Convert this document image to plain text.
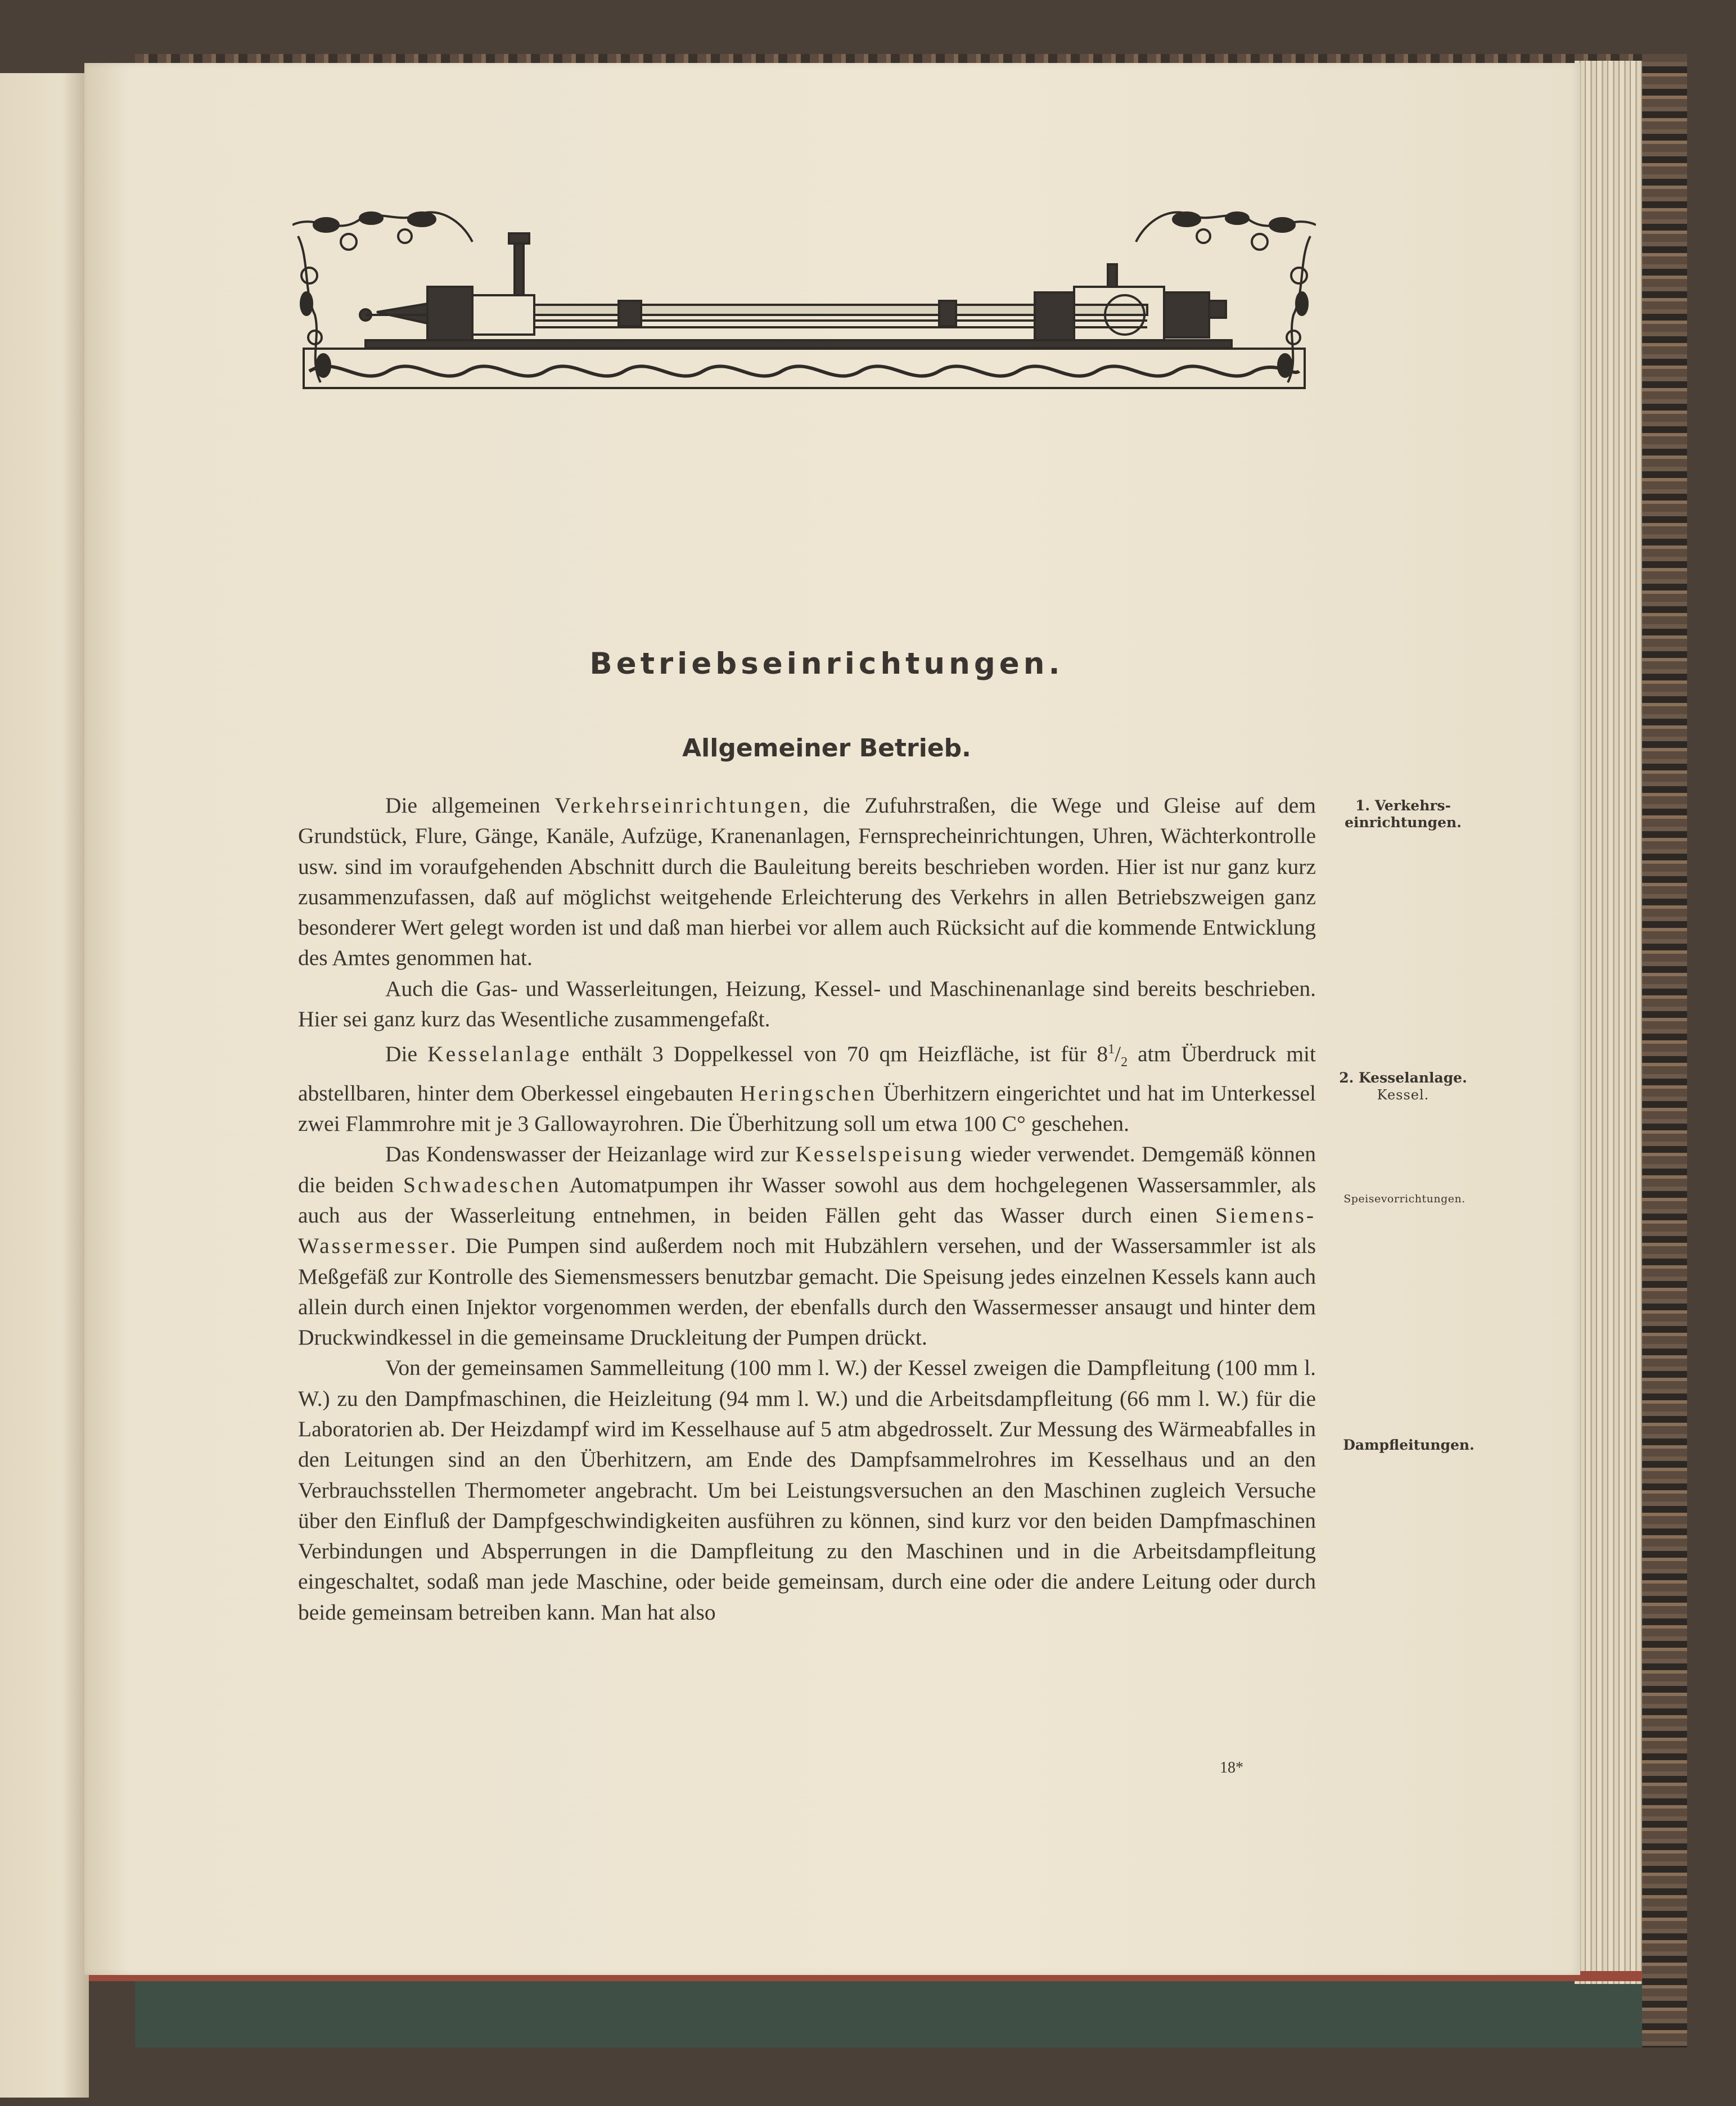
Betriebseinrichtungen.
Allgemeiner Betrieb.

Die allgemeinen Verkehrseinrichtungen, die Zufuhrstraßen, die Wege und Gleise auf dem Grundstück, Flure, Gänge, Kanäle, Aufzüge, Kranenanlagen, Fernsprecheinrichtungen, Uhren, Wächterkontrolle usw. sind im voraufgehenden Abschnitt durch die Bauleitung bereits beschrieben worden. Hier ist nur ganz kurz zusammenzufassen, daß auf möglichst weitgehende Erleichterung des Verkehrs in allen Betriebszweigen ganz besonderer Wert gelegt worden ist und daß man hierbei vor allem auch Rücksicht auf die kommende Entwicklung des Amtes genommen hat.

Auch die Gas- und Wasserleitungen, Heizung, Kessel- und Maschinenanlage sind bereits beschrieben. Hier sei ganz kurz das Wesentliche zusammengefaßt.

Die Kesselanlage enthält 3 Doppelkessel von 70 qm Heizfläche, ist für $8^1/_2$ atm Überdruck mit abstellbaren, hinter dem Oberkessel eingebauten Heringschen Überhitzern eingerichtet und hat im Unterkessel zwei Flammrohre mit je 3 Gallowayrohren. Die Überhitzung soll um etwa 100 C° geschehen.

Das Kondenswasser der Heizanlage wird zur Kesselspeisung wieder verwendet. Demgemäß können die beiden Schwadeschen Automatpumpen ihr Wasser sowohl aus dem hochgelegenen Wassersammler, als auch aus der Wasserleitung entnehmen, in beiden Fällen geht das Wasser durch einen Siemens-Wassermesser. Die Pumpen sind außerdem noch mit Hubzählern versehen, und der Wassersammler ist als Meßgefäß zur Kontrolle des Siemensmessers benutzbar gemacht. Die Speisung jedes einzelnen Kessels kann auch allein durch einen Injektor vorgenommen werden, der ebenfalls durch den Wassermesser ansaugt und hinter dem Druckwindkessel in die gemeinsame Druckleitung der Pumpen drückt.

Von der gemeinsamen Sammelleitung (100 mm l. W.) der Kessel zweigen die Dampfleitung (100 mm l. W.) zu den Dampfmaschinen, die Heizleitung (94 mm l. W.) und die Arbeitsdampfleitung (66 mm l. W.) für die Laboratorien ab. Der Heizdampf wird im Kesselhause auf 5 atm abgedrosselt. Zur Messung des Wärmeabfalles in den Leitungen sind an den Überhitzern, am Ende des Dampfsammelrohres im Kesselhaus und an den Verbrauchsstellen Thermometer angebracht. Um bei Leistungsversuchen an den Maschinen zugleich Versuche über den Einfluß der Dampfgeschwindigkeiten ausführen zu können, sind kurz vor den beiden Dampfmaschinen Verbindungen und Absperrungen in die Dampfleitung zu den Maschinen und in die Arbeitsdampfleitung eingeschaltet, sodaß man jede Maschine, oder beide gemeinsam, durch eine oder die andere Leitung oder durch beide gemeinsam betreiben kann. Man hat also

1. Verkehrs-
einrichtungen.
2. Kesselanlage.
Kessel.
Speisevorrichtungen.
Dampfleitungen.
18*
